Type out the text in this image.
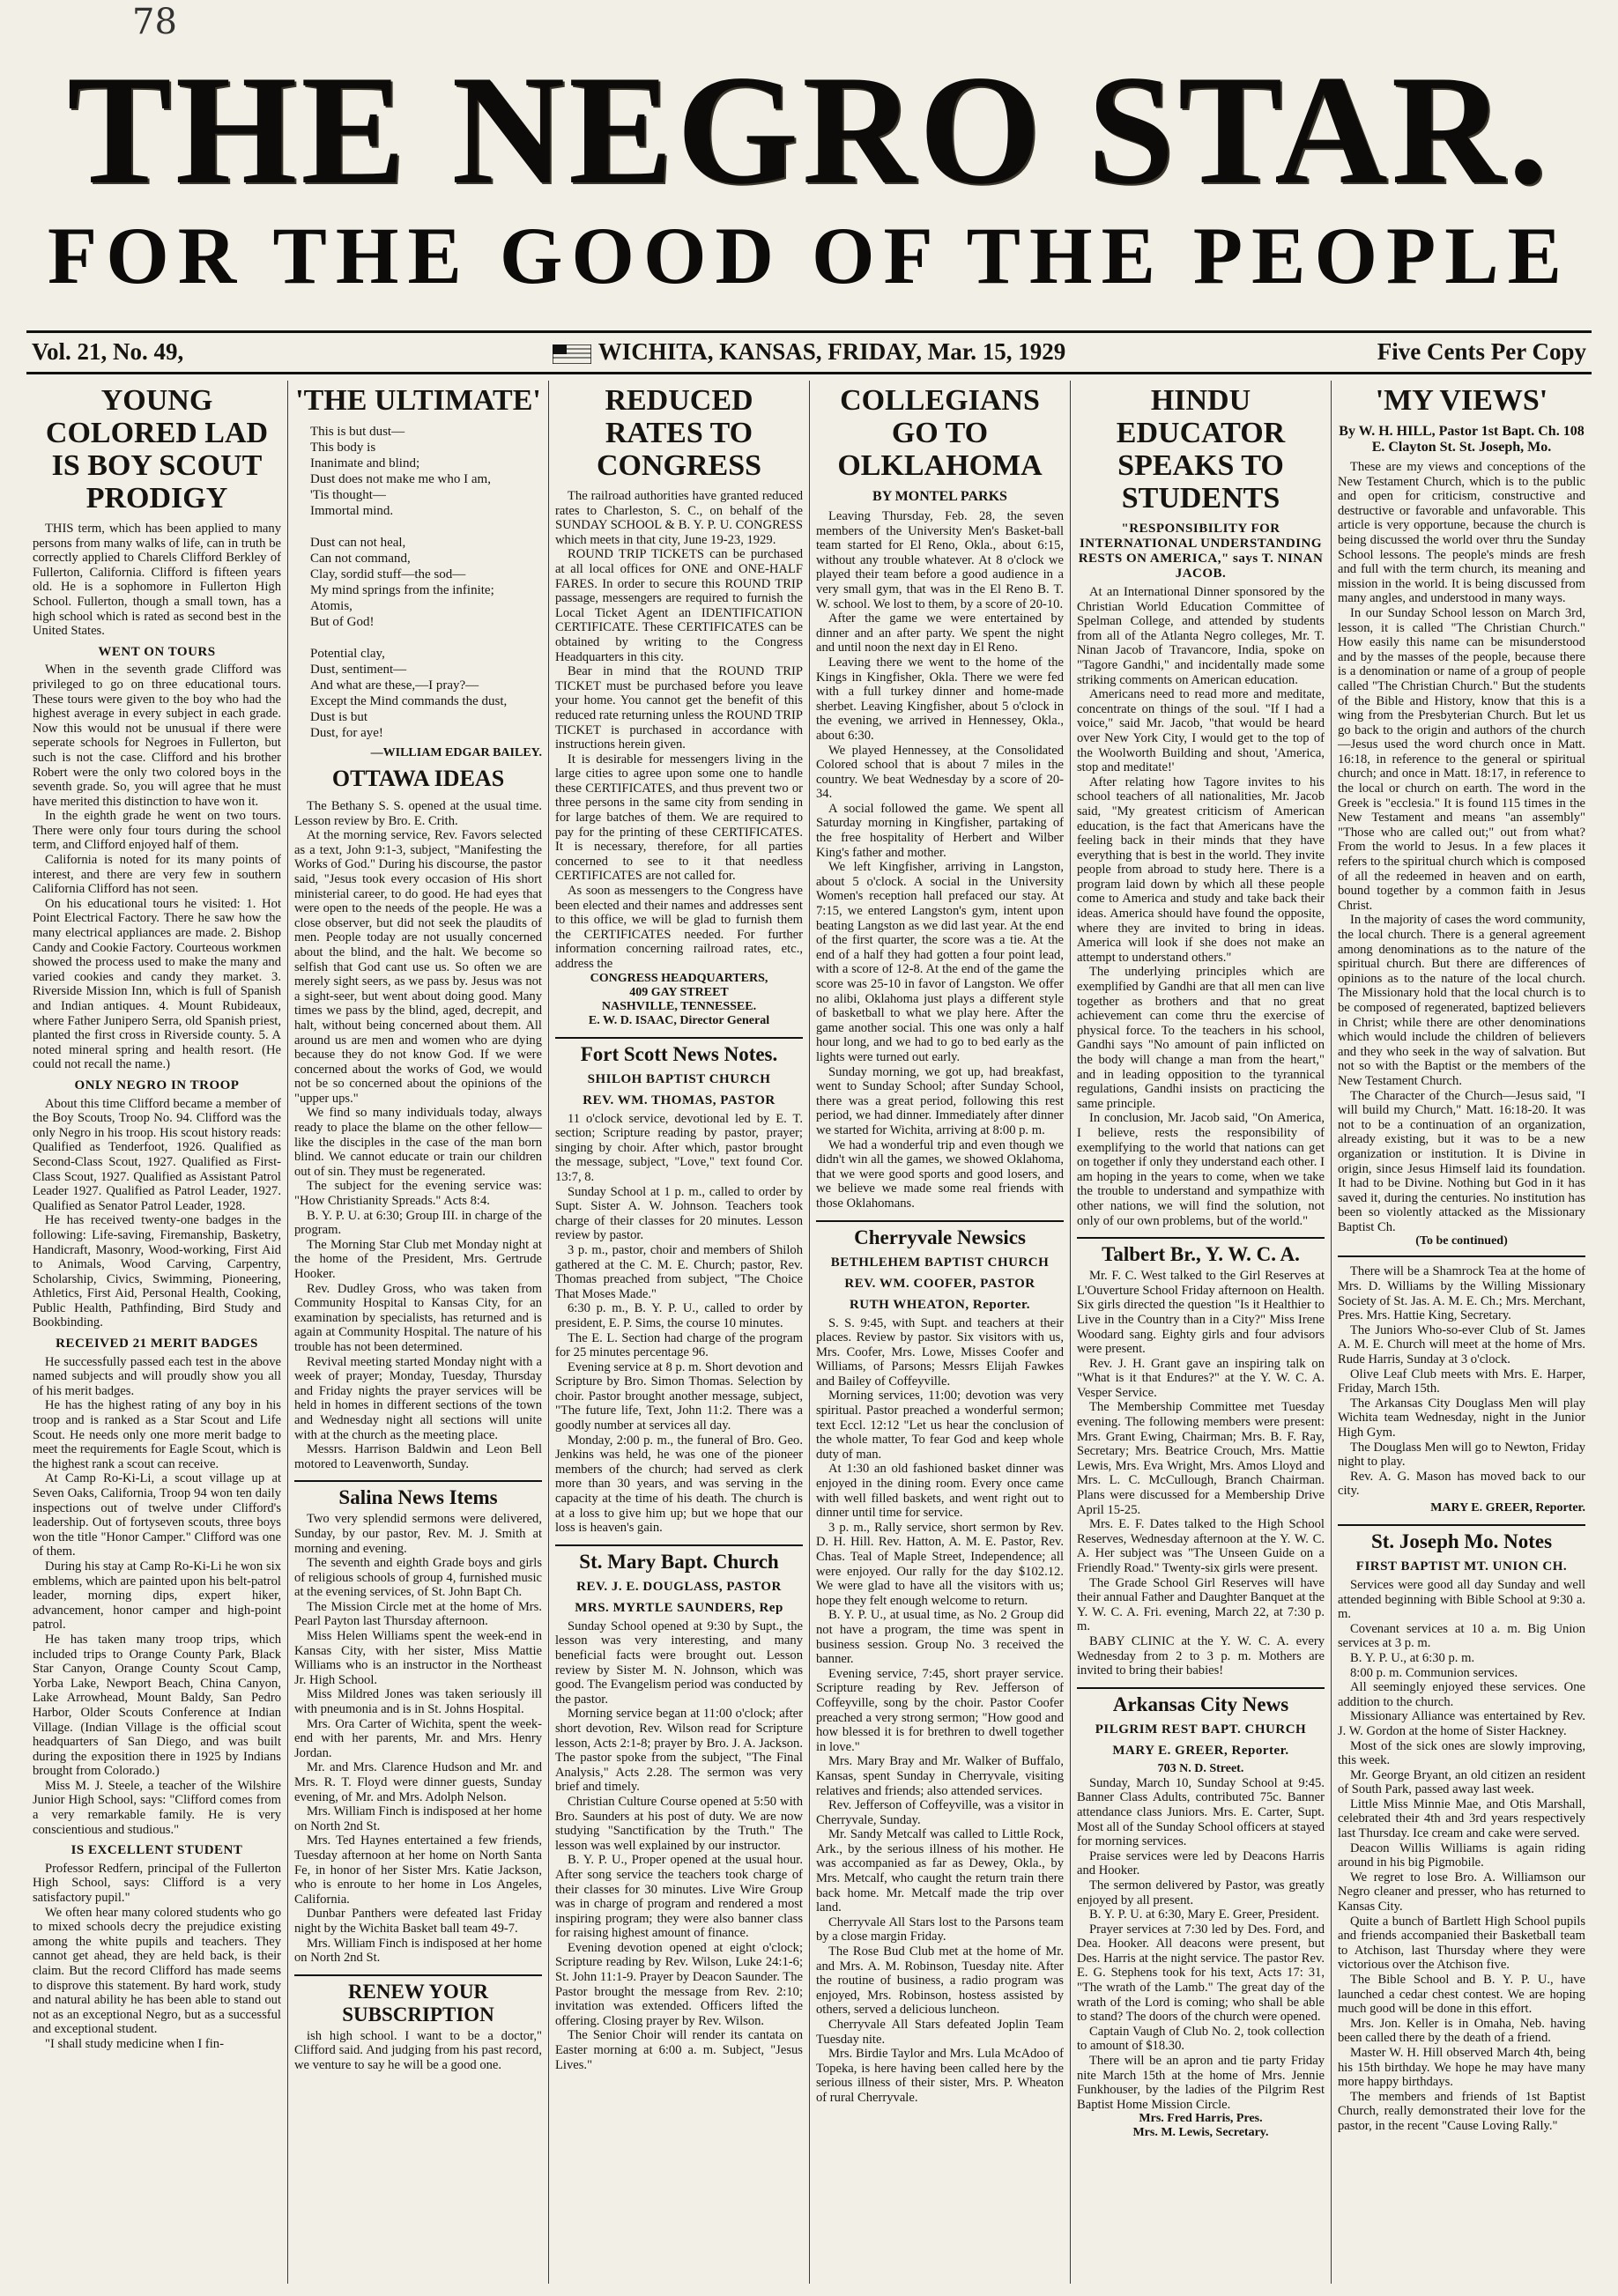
78
THE NEGRO STAR.
FOR THE GOOD OF THE PEOPLE
Vol. 21, No. 49,	WICHITA, KANSAS, FRIDAY, Mar. 15, 1929	Five Cents Per Copy
YOUNG COLORED LAD IS BOY SCOUT PRODIGY

THIS term, which has been applied to many persons from many walks of life, can in truth be correctly applied to Charels Clifford Berkley of Fullerton, California. Clifford is fifteen years old. He is a sophomore in Fullerton High School. Fullerton, though a small town, has a high school which is rated as second best in the United States.

WENT ON TOURS

When in the seventh grade Clifford was privileged to go on three educational tours. These tours were given to the boy who had the highest average in every subject in each grade. Now this would not be unusual if there were seperate schools for Negroes in Fullerton, but such is not the case. Clifford and his brother Robert were the only two colored boys in the seventh grade. So, you will agree that he must have merited this distinction to have won it.

In the eighth grade he went on two tours. There were only four tours during the school term, and Clifford enjoyed half of them.

California is noted for its many points of interest, and there are very few in southern California Clifford has not seen.

On his educational tours he visited: 1. Hot Point Electrical Factory. There he saw how the many electrical appliances are made. 2. Bishop Candy and Cookie Factory. Courteous workmen showed the process used to make the many and varied cookies and candy they market. 3. Riverside Mission Inn, which is full of Spanish and Indian antiques. 4. Mount Rubideaux, where Father Junipero Serra, old Spanish priest, planted the first cross in Riverside county. 5. A noted mineral spring and health resort. (He could not recall the name.)

ONLY NEGRO IN TROOP

About this time Clifford became a member of the Boy Scouts, Troop No. 94. Clifford was the only Negro in his troop. His scout history reads: Qualified as Tenderfoot, 1926. Qualified as Second-Class Scout, 1927. Qualified as First-Class Scout, 1927. Qualified as Assistant Patrol Leader 1927. Qualified as Patrol Leader, 1927. Qualified as Senator Patrol Leader, 1928.

He has received twenty-one badges in the following: Life-saving, Firemanship, Basketry, Handicraft, Masonry, Wood-working, First Aid to Animals, Wood Carving, Carpentry, Scholarship, Civics, Swimming, Pioneering, Athletics, First Aid, Personal Health, Cooking, Public Health, Pathfinding, Bird Study and Bookbinding.

RECEIVED 21 MERIT BADGES

He successfully passed each test in the above named subjects and will proudly show you all of his merit badges.

He has the highest rating of any boy in his troop and is ranked as a Star Scout and Life Scout. He needs only one more merit badge to meet the requirements for Eagle Scout, which is the highest rank a scout can receive.

At Camp Ro-Ki-Li, a scout village up at Seven Oaks, California, Troop 94 won ten daily inspections out of twelve under Clifford's leadership. Out of fortyseven scouts, three boys won the title "Honor Camper." Clifford was one of them.

During his stay at Camp Ro-Ki-Li he won six emblems, which are painted upon his belt-patrol leader, morning dips, expert hiker, advancement, honor camper and high-point patrol.

He has taken many troop trips, which included trips to Orange County Park, Black Star Canyon, Orange County Scout Camp, Yorba Lake, Newport Beach, China Canyon, Lake Arrowhead, Mount Baldy, San Pedro Harbor, Older Scouts Conference at Indian Village. (Indian Village is the official scout headquarters of San Diego, and was built during the exposition there in 1925 by Indians brought from Colorado.)

Miss M. J. Steele, a teacher of the Wilshire Junior High School, says: "Clifford comes from a very remarkable family. He is very conscientious and studious."

IS EXCELLENT STUDENT

Professor Redfern, principal of the Fullerton High School, says: Clifford is a very satisfactory pupil."

We often hear many colored students who go to mixed schools decry the prejudice existing among the white pupils and teachers. They cannot get ahead, they are held back, is their claim. But the record Clifford has made seems to disprove this statement. By hard work, study and natural ability he has been able to stand out not as an exceptional Negro, but as a successful and exceptional student.

"I shall study medicine when I fin-

'THE ULTIMATE'

This is but dust—

This body is

Inanimate and blind;

Dust does not make me who I am,

'Tis thought—

Immortal mind.

Dust can not heal,

Can not command,

Clay, sordid stuff—the sod—

My mind springs from the infinite;

Atomis,

But of God!

Potential clay,

Dust, sentiment—

And what are these,—I pray?—

Except the Mind commands the dust,

Dust is but

Dust, for aye!

—WILLIAM EDGAR BAILEY.
OTTAWA IDEAS

The Bethany S. S. opened at the usual time. Lesson review by Bro. E. Crith.

At the morning service, Rev. Favors selected as a text, John 9:1-3, subject, "Manifesting the Works of God." During his discourse, the pastor said, "Jesus took every occasion of His short ministerial career, to do good. He had eyes that were open to the needs of the people. He was a close observer, but did not seek the plaudits of men. People today are not usually concerned about the blind, and the halt. We become so selfish that God cant use us. So often we are merely sight seers, as we pass by. Jesus was not a sight-seer, but went about doing good. Many times we pass by the blind, aged, decrepit, and halt, without being concerned about them. All around us are men and women who are dying because they do not know God. If we were concerned about the works of God, we would not be so concerned about the opinions of the "upper ups."

We find so many individuals today, always ready to place the blame on the other fellow—like the disciples in the case of the man born blind. We cannot educate or train our children out of sin. They must be regenerated.

The subject for the evening service was: "How Christianity Spreads." Acts 8:4.

B. Y. P. U. at 6:30; Group III. in charge of the program.

The Morning Star Club met Monday night at the home of the President, Mrs. Gertrude Hooker.

Rev. Dudley Gross, who was taken from Community Hospital to Kansas City, for an examination by specialists, has returned and is again at Community Hospital. The nature of his trouble has not been determined.

Revival meeting started Monday night with a week of prayer; Monday, Tuesday, Thursday and Friday nights the prayer services will be held in homes in different sections of the town and Wednesday night all sections will unite with at the church as the meeting place.

Messrs. Harrison Baldwin and Leon Bell motored to Leavenworth, Sunday.

Salina News Items

Two very splendid sermons were delivered, Sunday, by our pastor, Rev. M. J. Smith at morning and evening.

The seventh and eighth Grade boys and girls of religious schools of group 4, furnished music at the evening services, of St. John Bapt Ch.

The Mission Circle met at the home of Mrs. Pearl Payton last Thursday afternoon.

Miss Helen Williams spent the week-end in Kansas City, with her sister, Miss Mattie Williams who is an instructor in the Northeast Jr. High School.

Miss Mildred Jones was taken seriously ill with pneumonia and is in St. Johns Hospital.

Mrs. Ora Carter of Wichita, spent the week-end with her parents, Mr. and Mrs. Henry Jordan.

Mr. and Mrs. Clarence Hudson and Mr. and Mrs. R. T. Floyd were dinner guests, Sunday evening, of Mr. and Mrs. Adolph Nelson.

Mrs. William Finch is indisposed at her home on North 2nd St.

Mrs. Ted Haynes entertained a few friends, Tuesday afternoon at her home on North Santa Fe, in honor of her Sister Mrs. Katie Jackson, who is enroute to her home in Los Angeles, California.

Dunbar Panthers were defeated last Friday night by the Wichita Basket ball team 49-7.

Mrs. William Finch is indisposed at her home on North 2nd St.

RENEW YOUR SUBSCRIPTION

ish high school. I want to be a doctor," Clifford said. And judging from his past record, we venture to say he will be a good one.

REDUCED RATES TO CONGRESS

The railroad authorities have granted reduced rates to Charleston, S. C., on behalf of the SUNDAY SCHOOL & B. Y. P. U. CONGRESS which meets in that city, June 19-23, 1929.

ROUND TRIP TICKETS can be purchased at all local offices for ONE and ONE-HALF FARES. In order to secure this ROUND TRIP passage, messengers are required to furnish the Local Ticket Agent an IDENTIFICATION CERTIFICATE. These CERTIFICATES can be obtained by writing to the Congress Headquarters in this city.

Bear in mind that the ROUND TRIP TICKET must be purchased before you leave your home. You cannot get the benefit of this reduced rate returning unless the ROUND TRIP TICKET is purchased in accordance with instructions herein given.

It is desirable for messengers living in the large cities to agree upon some one to handle these CERTIFICATES, and thus prevent two or three persons in the same city from sending in for large batches of them. We are required to pay for the printing of these CERTIFICATES. It is necessary, therefore, for all parties concerned to see to it that needless CERTIFICATES are not called for.

As soon as messengers to the Congress have been elected and their names and addresses sent to this office, we will be glad to furnish them the CERTIFICATES needed. For further information concerning railroad rates, etc., address the

CONGRESS HEADQUARTERS,
409 GAY STREET
NASHVILLE, TENNESSEE.
E. W. D. ISAAC, Director General
Fort Scott News Notes.
SHILOH BAPTIST CHURCH
REV. WM. THOMAS, PASTOR

11 o'clock service, devotional led by E. T. section; Scripture reading by pastor, prayer; singing by choir. After which, pastor brought the message, subject, "Love," text found Cor. 13:7, 8.

Sunday School at 1 p. m., called to order by Supt. Sister A. W. Johnson. Teachers took charge of their classes for 20 minutes. Lesson review by pastor.

3 p. m., pastor, choir and members of Shiloh gathered at the C. M. E. Church; pastor, Rev. Thomas preached from subject, "The Choice That Moses Made."

6:30 p. m., B. Y. P. U., called to order by president, E. P. Sims, the course 10 minutes.

The E. L. Section had charge of the program for 25 minutes percentage 96.

Evening service at 8 p. m. Short devotion and Scripture by Bro. Simon Thomas. Selection by choir. Pastor brought another message, subject, "The future life, Text, John 11:2. There was a goodly number at services all day.

Monday, 2:00 p. m., the funeral of Bro. Geo. Jenkins was held, he was one of the pioneer members of the church; had served as clerk more than 30 years, and was serving in the capacity at the time of his death. The church is at a loss to give him up; but we hope that our loss is heaven's gain.

St. Mary Bapt. Church
REV. J. E. DOUGLASS, PASTOR
MRS. MYRTLE SAUNDERS, Rep

Sunday School opened at 9:30 by Supt., the lesson was very interesting, and many beneficial facts were brought out. Lesson review by Sister M. N. Johnson, which was good. The Evangelism period was conducted by the pastor.

Morning service began at 11:00 o'clock; after short devotion, Rev. Wilson read for Scripture lesson, Acts 2:1-8; prayer by Bro. J. A. Jackson. The pastor spoke from the subject, "The Final Analysis," Acts 2.28. The sermon was very brief and timely.

Christian Culture Course opened at 5:50 with Bro. Saunders at his post of duty. We are now studying "Sanctification by the Truth." The lesson was well explained by our instructor.

B. Y. P. U., Proper opened at the usual hour. After song service the teachers took charge of their classes for 30 minutes. Live Wire Group was in charge of program and rendered a most inspiring program; they were also banner class for raising highest amount of finance.

Evening devotion opened at eight o'clock; Scripture reading by Rev. Wilson, Luke 24:1-6; St. John 11:1-9. Prayer by Deacon Saunder. The Pastor brought the message from Rev. 2:10; invitation was extended. Officers lifted the offering. Closing prayer by Rev. Wilson.

The Senior Choir will render its cantata on Easter morning at 6:00 a. m. Subject, "Jesus Lives."

COLLEGIANS GO TO OLKLAHOMA
BY MONTEL PARKS

Leaving Thursday, Feb. 28, the seven members of the University Men's Basket-ball team started for El Reno, Okla., about 6:15, without any trouble whatever. At 8 o'clock we played their team before a good audience in a very small gym, that was in the El Reno B. T. W. school. We lost to them, by a score of 20-10.

After the game we were entertained by dinner and an after party. We spent the night and until noon the next day in El Reno.

Leaving there we went to the home of the Kings in Kingfisher, Okla. There we were fed with a full turkey dinner and home-made sherbet. Leaving Kingfisher, about 5 o'clock in the evening, we arrived in Hennessey, Okla., about 6:30.

We played Hennessey, at the Consolidated Colored school that is about 7 miles in the country. We beat Wednesday by a score of 20-34.

A social followed the game. We spent all Saturday morning in Kingfisher, partaking of the free hospitality of Herbert and Wilber King's father and mother.

We left Kingfisher, arriving in Langston, about 5 o'clock. A social in the University Women's reception hall prefaced our stay. At 7:15, we entered Langston's gym, intent upon beating Langston as we did last year. At the end of the first quarter, the score was a tie. At the end of a half they had gotten a four point lead, with a score of 12-8. At the end of the game the score was 25-10 in favor of Langston. We offer no alibi, Oklahoma just plays a different style of basketball to what we play here. After the game another social. This one was only a half hour long, and we had to go to bed early as the lights were turned out early.

Sunday morning, we got up, had breakfast, went to Sunday School; after Sunday School, there was a great period, following this rest period, we had dinner. Immediately after dinner we started for Wichita, arriving at 8:00 p. m.

We had a wonderful trip and even though we didn't win all the games, we showed Oklahoma, that we were good sports and good losers, and we believe we made some real friends with those Oklahomans.

Cherryvale Newsics
BETHLEHEM BAPTIST CHURCH
REV. WM. COOFER, PASTOR
RUTH WHEATON, Reporter.

S. S. 9:45, with Supt. and teachers at their places. Review by pastor. Six visitors with us, Mrs. Coofer, Mrs. Lowe, Misses Coofer and Williams, of Parsons; Messrs Elijah Fawkes and Bailey of Coffeyville.

Morning services, 11:00; devotion was very spiritual. Pastor preached a wonderful sermon; text Eccl. 12:12 "Let us hear the conclusion of the whole matter, To fear God and keep whole duty of man.

At 1:30 an old fashioned basket dinner was enjoyed in the dining room. Every once came with well filled baskets, and went right out to dinner until time for service.

3 p. m., Rally service, short sermon by Rev. D. H. Hill. Rev. Hatton, A. M. E. Pastor, Rev. Chas. Teal of Maple Street, Independence; all were enjoyed. Our rally for the day $102.12. We were glad to have all the visitors with us; hope they felt enough welcome to return.

B. Y. P. U., at usual time, as No. 2 Group did not have a program, the time was spent in business session. Group No. 3 received the banner.

Evening service, 7:45, short prayer service. Scripture reading by Rev. Jefferson of Coffeyville, song by the choir. Pastor Coofer preached a very strong sermon; "How good and how blessed it is for brethren to dwell together in love."

Mrs. Mary Bray and Mr. Walker of Buffalo, Kansas, spent Sunday in Cherryvale, visiting relatives and friends; also attended services.

Rev. Jefferson of Coffeyville, was a visitor in Cherryvale, Sunday.

Mr. Sandy Metcalf was called to Little Rock, Ark., by the serious illness of his mother. He was accompanied as far as Dewey, Okla., by Mrs. Metcalf, who caught the return train there back home. Mr. Metcalf made the trip over land.

Cherryvale All Stars lost to the Parsons team by a close margin Friday.

The Rose Bud Club met at the home of Mr. and Mrs. A. M. Robinson, Tuesday nite. After the routine of business, a radio program was enjoyed, Mrs. Robinson, hostess assisted by others, served a delicious luncheon.

Cherryvale All Stars defeated Joplin Team Tuesday nite.

Mrs. Birdie Taylor and Mrs. Lula McAdoo of Topeka, is here having been called here by the serious illness of their sister, Mrs. P. Wheaton of rural Cherryvale.

HINDU EDUCATOR SPEAKS TO STUDENTS
"RESPONSIBILITY FOR INTERNATIONAL UNDERSTANDING RESTS ON AMERICA," says T. NINAN JACOB.

At an International Dinner sponsored by the Christian World Education Committee of Spelman College, and attended by students from all of the Atlanta Negro colleges, Mr. T. Ninan Jacob of Travancore, India, spoke on "Tagore Gandhi," and incidentally made some striking comments on American education.

Americans need to read more and meditate, concentrate on things of the soul. "If I had a voice," said Mr. Jacob, "that would be heard over New York City, I would get to the top of the Woolworth Building and shout, 'America, stop and meditate!'

After relating how Tagore invites to his school teachers of all nationalities, Mr. Jacob said, "My greatest criticism of American education, is the fact that Americans have the feeling back in their minds that they have everything that is best in the world. They invite people from abroad to study here. There is a program laid down by which all these people come to America and study and take back their ideas. America should have found the opposite, where they are invited to bring in ideas. America will look if she does not make an attempt to understand others."

The underlying principles which are exemplified by Gandhi are that all men can live together as brothers and that no great achievement can come thru the exercise of physical force. To the teachers in his school, Gandhi says "No amount of pain inflicted on the body will change a man from the heart," and in leading opposition to the tyrannical regulations, Gandhi insists on practicing the same principle.

In conclusion, Mr. Jacob said, "On America, I believe, rests the responsibility of exemplifying to the world that nations can get on together if only they understand each other. I am hoping in the years to come, when we take the trouble to understand and sympathize with other nations, we will find the solution, not only of our own problems, but of the world."

Talbert Br., Y. W. C. A.

Mr. F. C. West talked to the Girl Reserves at L'Ouverture School Friday afternoon on Health. Six girls directed the question "Is it Healthier to Live in the Country than in a City?" Miss Irene Woodard sang. Eighty girls and four advisors were present.

Rev. J. H. Grant gave an inspiring talk on "What is it that Endures?" at the Y. W. C. A. Vesper Service.

The Membership Committee met Tuesday evening. The following members were present: Mrs. Grant Ewing, Chairman; Mrs. B. F. Ray, Secretary; Mrs. Beatrice Crouch, Mrs. Mattie Lewis, Mrs. Eva Wright, Mrs. Amos Lloyd and Mrs. L. C. McCullough, Branch Chairman. Plans were discussed for a Membership Drive April 15-25.

Mrs. E. F. Dates talked to the High School Reserves, Wednesday afternoon at the Y. W. C. A. Her subject was "The Unseen Guide on a Friendly Road." Twenty-six girls were present.

The Grade School Girl Reserves will have their annual Father and Daughter Banquet at the Y. W. C. A. Fri. evening, March 22, at 7:30 p. m.

BABY CLINIC at the Y. W. C. A. every Wednesday from 2 to 3 p. m. Mothers are invited to bring their babies!

Arkansas City News
PILGRIM REST BAPT. CHURCH
MARY E. GREER, Reporter.
703 N. D. Street.

Sunday, March 10, Sunday School at 9:45. Banner Class Adults, contributed 75c. Banner attendance class Juniors. Mrs. E. Carter, Supt. Most all of the Sunday School officers at stayed for morning services.

Praise services were led by Deacons Harris and Hooker.

The sermon delivered by Pastor, was greatly enjoyed by all present.

B. Y. P. U. at 6:30, Mary E. Greer, President.

Prayer services at 7:30 led by Des. Ford, and Dea. Hooker. All deacons were present, but Des. Harris at the night service. The pastor Rev. E. G. Stephens took for his text, Acts 17: 31, "The wrath of the Lamb." The great day of the wrath of the Lord is coming; who shall be able to stand? The doors of the church were opened.

Captain Vaugh of Club No. 2, took collection to amount of $18.30.

There will be an apron and tie party Friday nite March 15th at the home of Mrs. Jennie Funkhouser, by the ladies of the Pilgrim Rest Baptist Home Mission Circle.

Mrs. Fred Harris, Pres.
Mrs. M. Lewis, Secretary.
'MY VIEWS'
By W. H. HILL, Pastor 1st Bapt. Ch. 108 E. Clayton St. St. Joseph, Mo.

These are my views and conceptions of the New Testament Church, which is to the public and open for criticism, constructive and destructive or favorable and unfavorable. This article is very opportune, because the church is being discussed the world over thru the Sunday School lessons. The people's minds are fresh and full with the term church, its meaning and mission in the world. It is being discussed from many angles, and understood in many ways.

In our Sunday School lesson on March 3rd, lesson, it is called "The Christian Church." How easily this name can be misunderstood and by the masses of the people, because there is a denomination or name of a group of people called "The Christian Church." But the students of the Bible and History, know that this is a wing from the Presbyterian Church. But let us go back to the origin and authors of the church—Jesus used the word church once in Matt. 16:18, in reference to the general or spiritual church; and once in Matt. 18:17, in reference to the local or church on earth. The word in the Greek is "ecclesia." It is found 115 times in the New Testament and means "an assembly" "Those who are called out;" out from what? From the world to Jesus. In a few places it refers to the spiritual church which is composed of all the redeemed in heaven and on earth, bound together by a common faith in Jesus Christ.

In the majority of cases the word community, the local church. There is a general agreement among denominations as to the nature of the spiritual church. But there are differences of opinions as to the nature of the local church. The Missionary hold that the local church is to be composed of regenerated, baptized believers in Christ; while there are other denominations which would include the children of believers and they who seek in the way of salvation. But not so with the Baptist or the members of the New Testament Church.

The Character of the Church—Jesus said, "I will build my Church," Matt. 16:18-20. It was not to be a continuation of an organization, already existing, but it was to be a new organization or institution. It is Divine in origin, since Jesus Himself laid its foundation. It had to be Divine. Nothing but God in it has saved it, during the centuries. No institution has been so violently attacked as the Missionary Baptist Ch.

(To be continued)

There will be a Shamrock Tea at the home of Mrs. D. Williams by the Willing Missionary Society of St. Jas. A. M. E. Ch.; Mrs. Merchant, Pres. Mrs. Hattie King, Secretary.

The Juniors Who-so-ever Club of St. James A. M. E. Church will meet at the home of Mrs. Rude Harris, Sunday at 3 o'clock.

Olive Leaf Club meets with Mrs. E. Harper, Friday, March 15th.

The Arkansas City Douglass Men will play Wichita team Wednesday, night in the Junior High Gym.

The Douglass Men will go to Newton, Friday night to play.

Rev. A. G. Mason has moved back to our city.

MARY E. GREER, Reporter.
St. Joseph Mo. Notes
FIRST BAPTIST MT. UNION CH.

Services were good all day Sunday and well attended beginning with Bible School at 9:30 a. m.

Covenant services at 10 a. m. Big Union services at 3 p. m.

B. Y. P. U., at 6:30 p. m.

8:00 p. m. Communion services.

All seemingly enjoyed these services. One addition to the church.

Missionary Alliance was entertained by Rev. J. W. Gordon at the home of Sister Hackney.

Most of the sick ones are slowly improving, this week.

Mr. George Bryant, an old citizen an resident of South Park, passed away last week.

Little Miss Minnie Mae, and Otis Marshall, celebrated their 4th and 3rd years respectively last Thursday. Ice cream and cake were served.

Deacon Willis Williams is again riding around in his big Pigmobile.

We regret to lose Bro. A. Williamson our Negro cleaner and presser, who has returned to Kansas City.

Quite a bunch of Bartlett High School pupils and friends accompanied their Basketball team to Atchison, last Thursday where they were victorious over the Atchison five.

The Bible School and B. Y. P. U., have launched a cedar chest contest. We are hoping much good will be done in this effort.

Mrs. Jon. Keller is in Omaha, Neb. having been called there by the death of a friend.

Master W. H. Hill observed March 4th, being his 15th birthday. We hope he may have many more happy birthdays.

The members and friends of 1st Baptist Church, really demonstrated their love for the pastor, in the recent "Cause Loving Rally."
